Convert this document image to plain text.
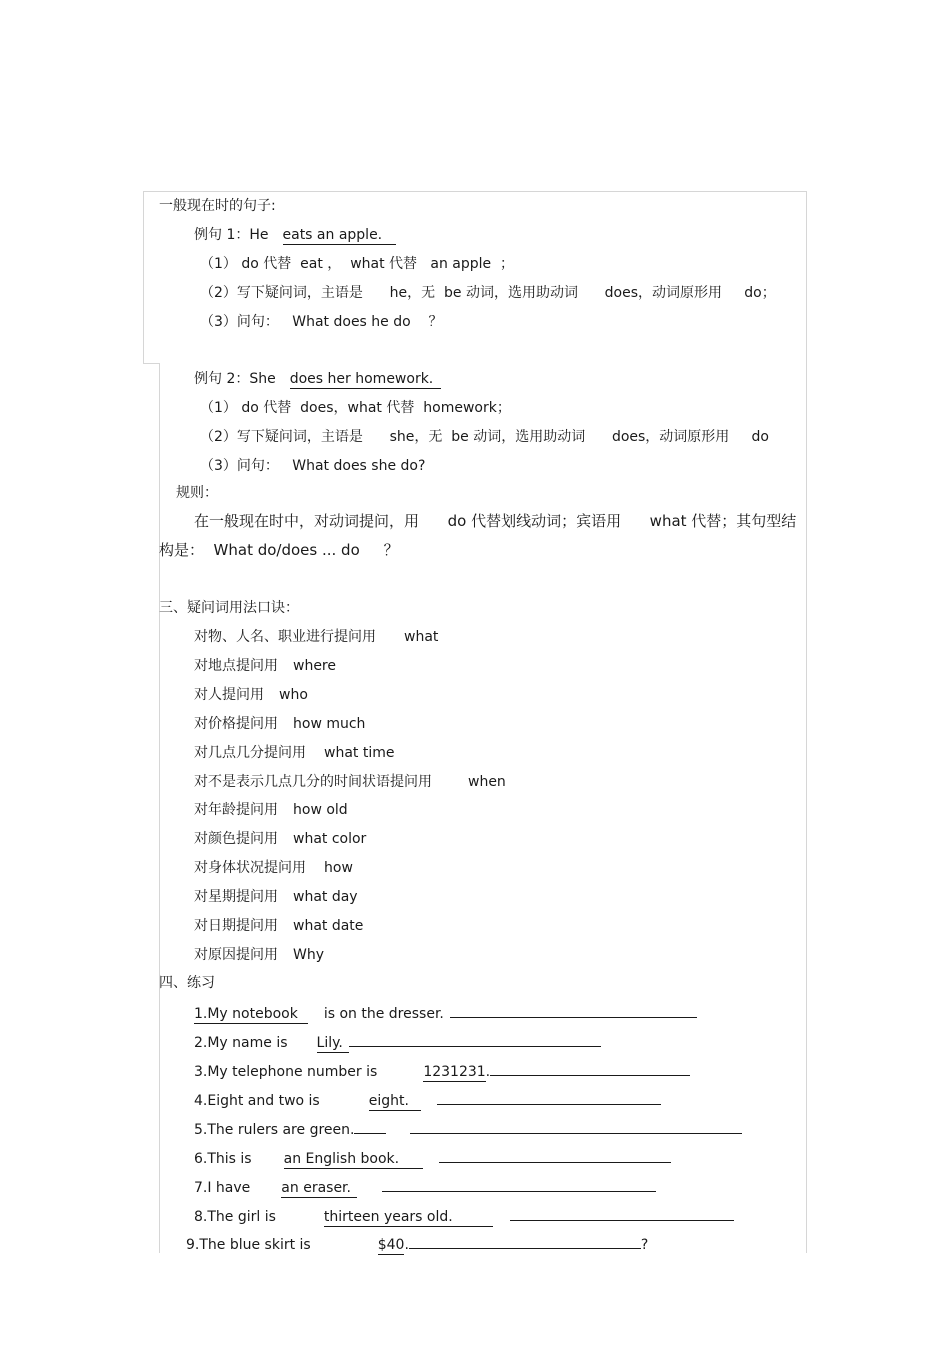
一般现在时的句子:
例句 1：He eats an apple.
（1） do 代替  eat ，  what 代替   an apple  ；
（2）写下疑问词，主语是      he，无  be 动词，选用助动词      does，动词原形用     do；
（3）问句：   What does he do    ？
例句 2：She does her homework.
（1） do 代替  does，what 代替  homework；
（2）写下疑问词，主语是      she，无  be 动词，选用助动词      does，动词原形用     do
（3）问句：   What does she do?
规则：
在一般现在时中，对动词提问，用      do 代替划线动词；宾语用      what 代替；其句型结
构是：  What do/does ... do     ？
三、疑问词用法口诀：
对物、人名、职业进行提问用 what
对地点提问用 where
对人提问用 who
对价格提问用 how much
对几点几分提问用 what time
对不是表示几点几分的时间状语提问用	when
对年龄提问用 how old
对颜色提问用 what color
对身体状况提问用 how
对星期提问用 what day
对日期提问用 what date
对原因提问用 Why
四、练习
1.My notebook is on the dresser.
2.My name is Lily.
3.My telephone number is	1231231.
4.Eight and two is	eight.
5.The rulers are green.
6.This is an English book.
7.I have an eraser.
8.The girl is	thirteen years old.
9.The blue skirt is	$40.	?
